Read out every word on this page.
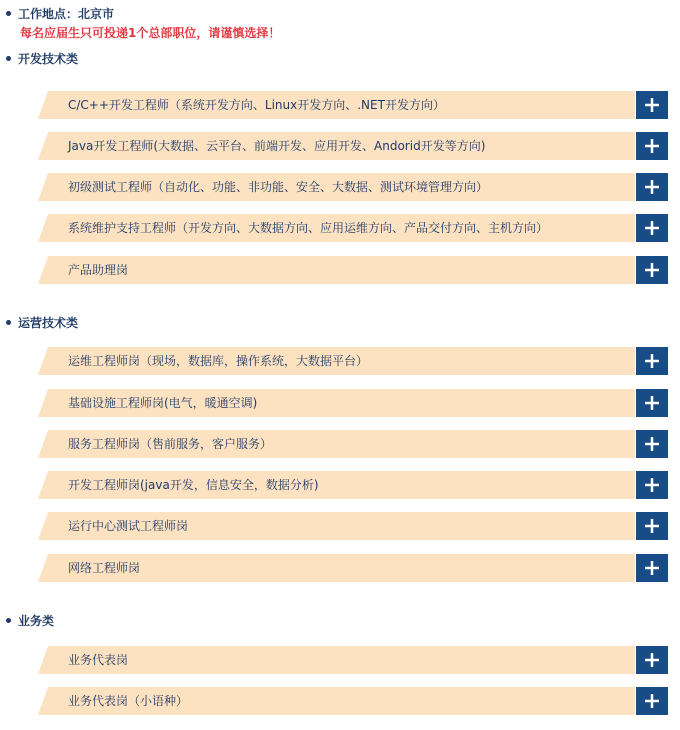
工作地点：北京市
每名应届生只可投递1个总部职位，请谨慎选择！
开发技术类
C/C++开发工程师（系统开发方向、Linux开发方向、.NET开发方向）
Java开发工程师(大数据、云平台、前端开发、应用开发、Andorid开发等方向)
初级测试工程师（自动化、功能、非功能、安全、大数据、测试环境管理方向）
系统维护支持工程师（开发方向、大数据方向、应用运维方向、产品交付方向、主机方向）
产品助理岗
运营技术类
运维工程师岗（现场，数据库，操作系统，大数据平台）
基础设施工程师岗(电气，暖通空调)
服务工程师岗（售前服务，客户服务）
开发工程师岗(java开发，信息安全，数据分析)
运行中心测试工程师岗
网络工程师岗
业务类
业务代表岗
业务代表岗（小语种）
